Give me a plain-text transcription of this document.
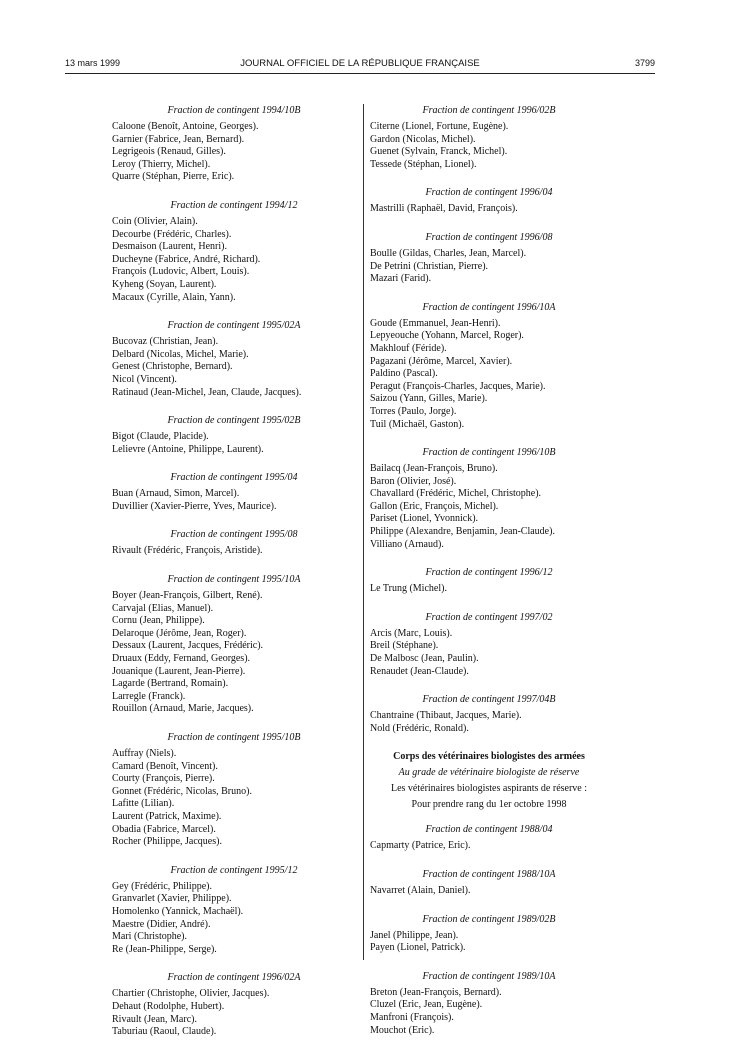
13 mars 1999	JOURNAL OFFICIEL DE LA RÉPUBLIQUE FRANÇAISE	3799
Fraction de contingent 1994/10B
Caloone (Benoît, Antoine, Georges).
Garnier (Fabrice, Jean, Bernard).
Legrigeois (Renaud, Gilles).
Leroy (Thierry, Michel).
Quarre (Stéphan, Pierre, Eric).
Fraction de contingent 1994/12
Coin (Olivier, Alain).
Decourbe (Frédéric, Charles).
Desmaison (Laurent, Henri).
Ducheyne (Fabrice, André, Richard).
François (Ludovic, Albert, Louis).
Kyheng (Soyan, Laurent).
Macaux (Cyrille, Alain, Yann).
Fraction de contingent 1995/02A
Bucovaz (Christian, Jean).
Delbard (Nicolas, Michel, Marie).
Genest (Christophe, Bernard).
Nicol (Vincent).
Ratinaud (Jean-Michel, Jean, Claude, Jacques).
Fraction de contingent 1995/02B
Bigot (Claude, Placide).
Lelievre (Antoine, Philippe, Laurent).
Fraction de contingent 1995/04
Buan (Arnaud, Simon, Marcel).
Duvillier (Xavier-Pierre, Yves, Maurice).
Fraction de contingent 1995/08
Rivault (Frédéric, François, Aristide).
Fraction de contingent 1995/10A
Boyer (Jean-François, Gilbert, René).
Carvajal (Elias, Manuel).
Cornu (Jean, Philippe).
Delaroque (Jérôme, Jean, Roger).
Dessaux (Laurent, Jacques, Frédéric).
Druaux (Eddy, Fernand, Georges).
Jouanique (Laurent, Jean-Pierre).
Lagarde (Bertrand, Romain).
Larregle (Franck).
Rouillon (Arnaud, Marie, Jacques).
Fraction de contingent 1995/10B
Auffray (Niels).
Camard (Benoît, Vincent).
Courty (François, Pierre).
Gonnet (Frédéric, Nicolas, Bruno).
Lafitte (Lilian).
Laurent (Patrick, Maxime).
Obadia (Fabrice, Marcel).
Rocher (Philippe, Jacques).
Fraction de contingent 1995/12
Gey (Frédéric, Philippe).
Granvarlet (Xavier, Philippe).
Homolenko (Yannick, Machaël).
Maestre (Didier, André).
Mari (Christophe).
Re (Jean-Philippe, Serge).
Fraction de contingent 1996/02A
Chartier (Christophe, Olivier, Jacques).
Dehaut (Rodolphe, Hubert).
Rivault (Jean, Marc).
Taburiau (Raoul, Claude).
Fraction de contingent 1996/02B
Citerne (Lionel, Fortune, Eugène).
Gardon (Nicolas, Michel).
Guenet (Sylvain, Franck, Michel).
Tessede (Stéphan, Lionel).
Fraction de contingent 1996/04
Mastrilli (Raphaël, David, François).
Fraction de contingent 1996/08
Boulle (Gildas, Charles, Jean, Marcel).
De Petrini (Christian, Pierre).
Mazari (Farid).
Fraction de contingent 1996/10A
Goude (Emmanuel, Jean-Henri).
Lepyeouche (Yohann, Marcel, Roger).
Makhlouf (Féride).
Pagazani (Jérôme, Marcel, Xavier).
Paldino (Pascal).
Peragut (François-Charles, Jacques, Marie).
Saizou (Yann, Gilles, Marie).
Torres (Paulo, Jorge).
Tuil (Michaël, Gaston).
Fraction de contingent 1996/10B
Bailacq (Jean-François, Bruno).
Baron (Olivier, José).
Chavallard (Frédéric, Michel, Christophe).
Gallon (Eric, François, Michel).
Pariset (Lionel, Yvonnick).
Philippe (Alexandre, Benjamin, Jean-Claude).
Villiano (Arnaud).
Fraction de contingent 1996/12
Le Trung (Michel).
Fraction de contingent 1997/02
Arcis (Marc, Louis).
Breil (Stéphane).
De Malbosc (Jean, Paulin).
Renaudet (Jean-Claude).
Fraction de contingent 1997/04B
Chantraine (Thibaut, Jacques, Marie).
Nold (Frédéric, Ronald).
Corps des vétérinaires biologistes des armées
Au grade de vétérinaire biologiste de réserve
Les vétérinaires biologistes aspirants de réserve :
Pour prendre rang du 1er octobre 1998
Fraction de contingent 1988/04
Capmarty (Patrice, Eric).
Fraction de contingent 1988/10A
Navarret (Alain, Daniel).
Fraction de contingent 1989/02B
Janel (Philippe, Jean).
Payen (Lionel, Patrick).
Fraction de contingent 1989/10A
Breton (Jean-François, Bernard).
Cluzel (Eric, Jean, Eugène).
Manfroni (François).
Mouchot (Eric).
